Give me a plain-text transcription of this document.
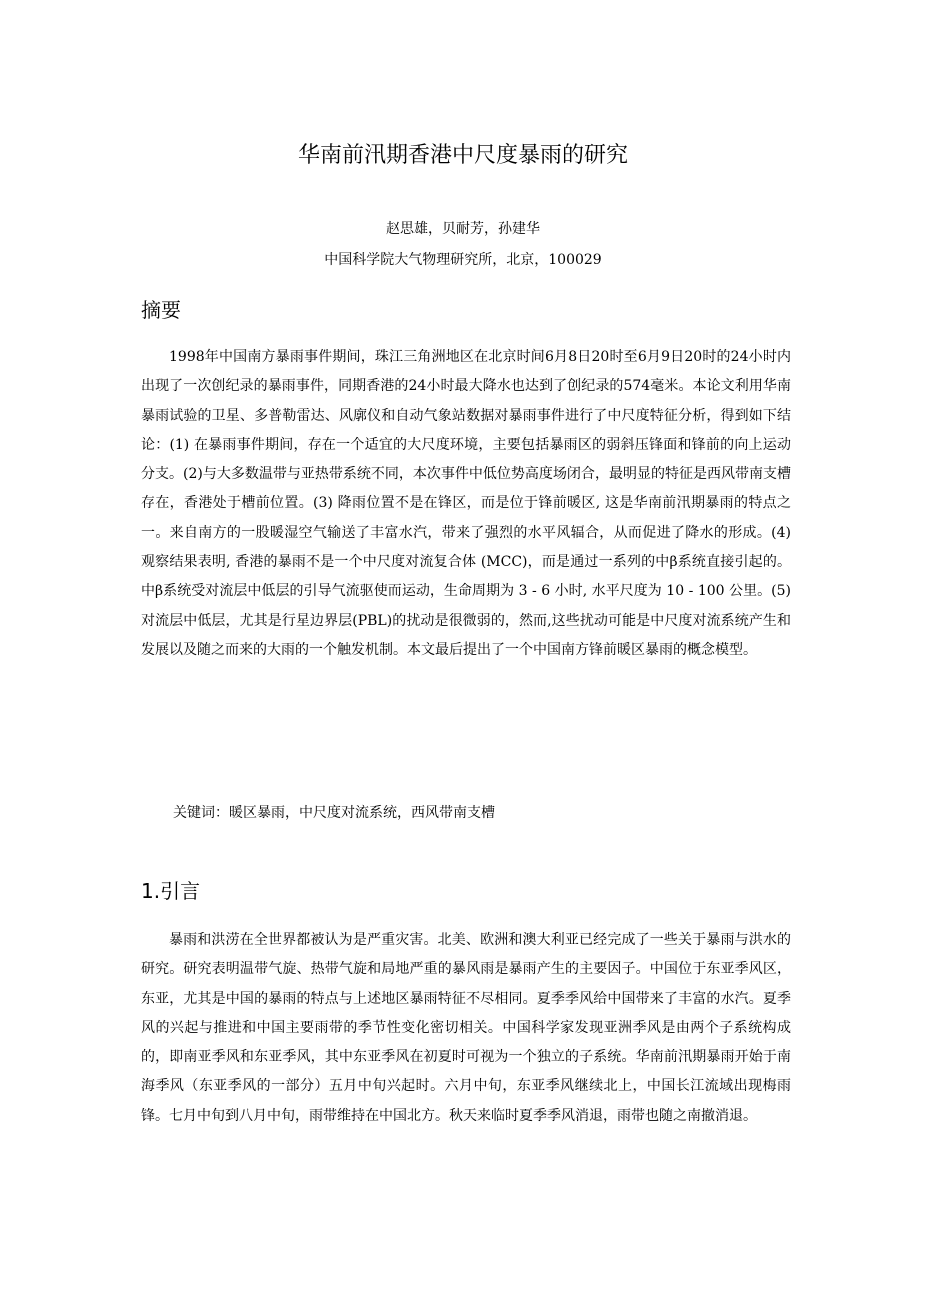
华南前汛期香港中尺度暴雨的研究

赵思雄，贝耐芳，孙建华

中国科学院大气物理研究所，北京，100029

摘要

1998年中国南方暴雨事件期间，珠江三角洲地区在北京时间6月8日20时至6月9日20时的24小时内出现了一次创纪录的暴雨事件，同期香港的24小时最大降水也达到了创纪录的574毫米。本论文利用华南暴雨试验的卫星、多普勒雷达、风廓仪和自动气象站数据对暴雨事件进行了中尺度特征分析，得到如下结论：(1) 在暴雨事件期间，存在一个适宜的大尺度环境，主要包括暴雨区的弱斜压锋面和锋前的向上运动分支。(2)与大多数温带与亚热带系统不同，本次事件中低位势高度场闭合，最明显的特征是西风带南支槽存在，香港处于槽前位置。(3) 降雨位置不是在锋区，而是位于锋前暖区, 这是华南前汛期暴雨的特点之一。来自南方的一股暖湿空气输送了丰富水汽，带来了强烈的水平风辐合，从而促进了降水的形成。(4) 观察结果表明, 香港的暴雨不是一个中尺度对流复合体 (MCC)，而是通过一系列的中β系统直接引起的。中β系统受对流层中低层的引导气流驱使而运动，生命周期为 3 - 6 小时, 水平尺度为 10 - 100 公里。(5) 对流层中低层，尤其是行星边界层(PBL)的扰动是很微弱的，然而,这些扰动可能是中尺度对流系统产生和发展以及随之而来的大雨的一个触发机制。本文最后提出了一个中国南方锋前暖区暴雨的概念模型。

关键词：暖区暴雨，中尺度对流系统，西风带南支槽

1.引言

暴雨和洪涝在全世界都被认为是严重灾害。北美、欧洲和澳大利亚已经完成了一些关于暴雨与洪水的研究。研究表明温带气旋、热带气旋和局地严重的暴风雨是暴雨产生的主要因子。中国位于东亚季风区，东亚，尤其是中国的暴雨的特点与上述地区暴雨特征不尽相同。夏季季风给中国带来了丰富的水汽。夏季风的兴起与推进和中国主要雨带的季节性变化密切相关。中国科学家发现亚洲季风是由两个子系统构成的，即南亚季风和东亚季风，其中东亚季风在初夏时可视为一个独立的子系统。华南前汛期暴雨开始于南海季风（东亚季风的一部分）五月中旬兴起时。六月中旬，东亚季风继续北上，中国长江流域出现梅雨锋。七月中旬到八月中旬，雨带维持在中国北方。秋天来临时夏季季风消退，雨带也随之南撤消退。
